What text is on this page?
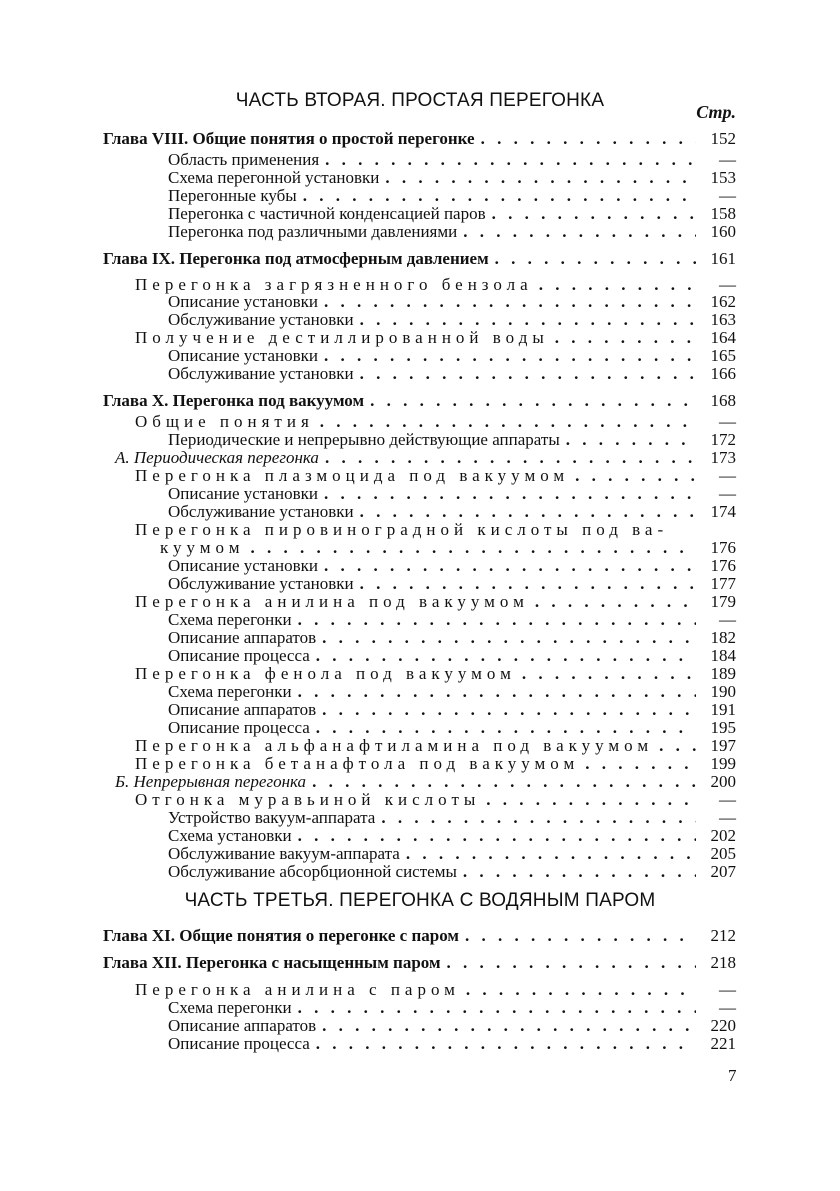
ЧАСТЬ ВТОРАЯ. ПРОСТАЯ ПЕРЕГОНКА
Стр.
ЧАСТЬ ТРЕТЬЯ. ПЕРЕГОНКА С ВОДЯНЫМ ПАРОМ
7
Глава VIII. Общие понятия о простой перегонке . . .	152
Область применения . . .	—
Схема перегонной установки . . .	153
Перегонные кубы . . .	—
Перегонка с частичной конденсацией паров . . .	158
Перегонка под различными давлениями . . .	160
Глава IX. Перегонка под атмосферным давлением . . .	161
Перегонка загрязненного бензола . . .	—
Описание установки . . .	162
Обслуживание установки . . .	163
Получение дестиллированной воды . . .	164
Описание установки . . .	165
Обслуживание установки . . .	166
Глава X. Перегонка под вакуумом . . .	168
Общие понятия . . .	—
Периодические и непрерывно действующие аппараты . . .	172
А. Периодическая перегонка . . .	173
Перегонка плазмоцида под вакуумом . . .	—
Описание установки . . .	—
Обслуживание установки . . .	174
Перегонка пировиноградной кислоты под ва-
куумом . . .	176
Описание установки . . .	176
Обслуживание установки . . .	177
Перегонка анилина под вакуумом . . .	179
Схема перегонки . . .	—
Описание аппаратов . . .	182
Описание процесса . . .	184
Перегонка фенола под вакуумом . . .	189
Схема перегонки . . .	190
Описание аппаратов . . .	191
Описание процесса . . .	195
Перегонка альфанафтиламина под вакуумом . . .	197
Перегонка бетанафтола под вакуумом . . .	199
Б. Непрерывная перегонка . . .	200
Отгонка муравьиной кислоты . . .	—
Устройство вакуум-аппарата . . .	—
Схема установки . . .	202
Обслуживание вакуум-аппарата . . .	205
Обслуживание абсорбционной системы . . .	207
Глава XI. Общие понятия о перегонке с паром . . .	212
Глава XII. Перегонка с насыщенным паром . . .	218
Перегонка анилина с паром . . .	—
Схема перегонки . . .	—
Описание аппаратов . . .	220
Описание процесса . . .	221
